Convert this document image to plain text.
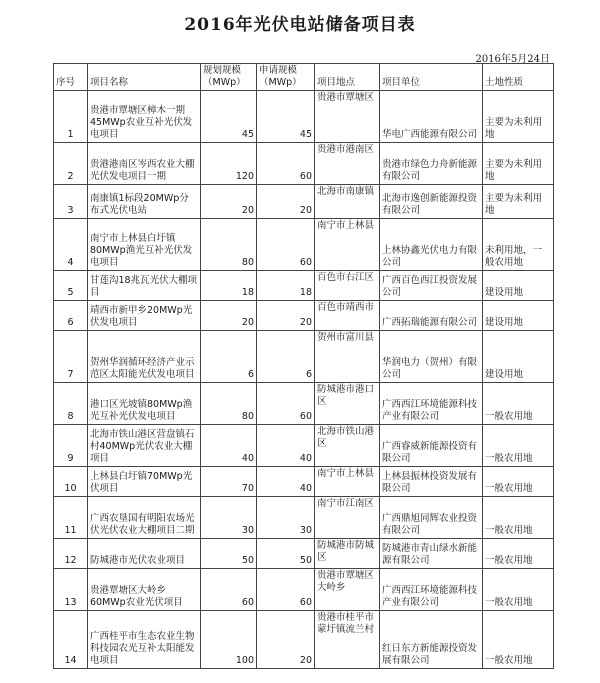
2016年光伏电站储备项目表
2016年5月24日
序号	项目名称	规划规模（MWp）	申请规模（MWp）	项目地点	项目单位	土地性质
1	贵港市覃塘区樟木一期45MWp农业互补光伏发电项目	45	45	贵港市覃塘区	华电广西能源有限公司	主要为未利用地
2	贵港港南区岑西农业大棚光伏发电项目一期	120	60	贵港市港南区	贵港市绿色力舟新能源有限公司	主要为未利用地
3	南康镇1标段20MWp分布式光伏电站	20	20	北海市南康镇	北海市逸创新能源投资有限公司	主要为未利用地
4	南宁市上林县白圩镇80MWp渔光互补光伏发电项目	80	60	南宁市上林县	上林协鑫光伏电力有限公司	未利用地，一般农用地
5	甘莲沟18兆瓦光伏大棚项目	18	18	百色市右江区	广西百色西江投资发展公司	建设用地
6	靖西市新甲乡20MWp光伏发电项目	20	20	百色市靖西市	广西拓瑞能源有限公司	建设用地
7	贺州华润循环经济产业示范区太阳能光伏发电项目	6	6	贺州市富川县	华润电力（贺州）有限公司	建设用地
8	港口区光坡镇80MWp渔光互补光伏发电项目	80	60	防城港市港口区	广西西江环境能源科技产业有限公司	一般农用地
9	北海市铁山港区营盘镇石村40MWp光伏农业大棚项目	40	40	北海市铁山港区	广西睿威新能源投资有限公司	一般农用地
10	上林县白圩镇70MWp光伏项目	70	40	南宁市上林县	上林县振林投资发展有限公司	一般农用地
11	广西农垦国有明阳农场光伏光伏农业大棚项目二期	30	30	南宁市江南区	广西鼎旭同辉农业投资有限公司	一般农用地
12	防城港市光伏农业项目	50	50	防城港市防城区	防城港市青山绿水新能源有限公司	一般农用地
13	贵港覃塘区大岭乡60MWp农业光伏项目	60	60	贵港市覃塘区大岭乡	广西西江环境能源科技产业有限公司	一般农用地
14	广西桂平市生态农业生物科技园农光互补太阳能发电项目	100	20	贵港市桂平市蒙圩镇流兰村	红日东方新能源投资发展有限公司	一般农用地
